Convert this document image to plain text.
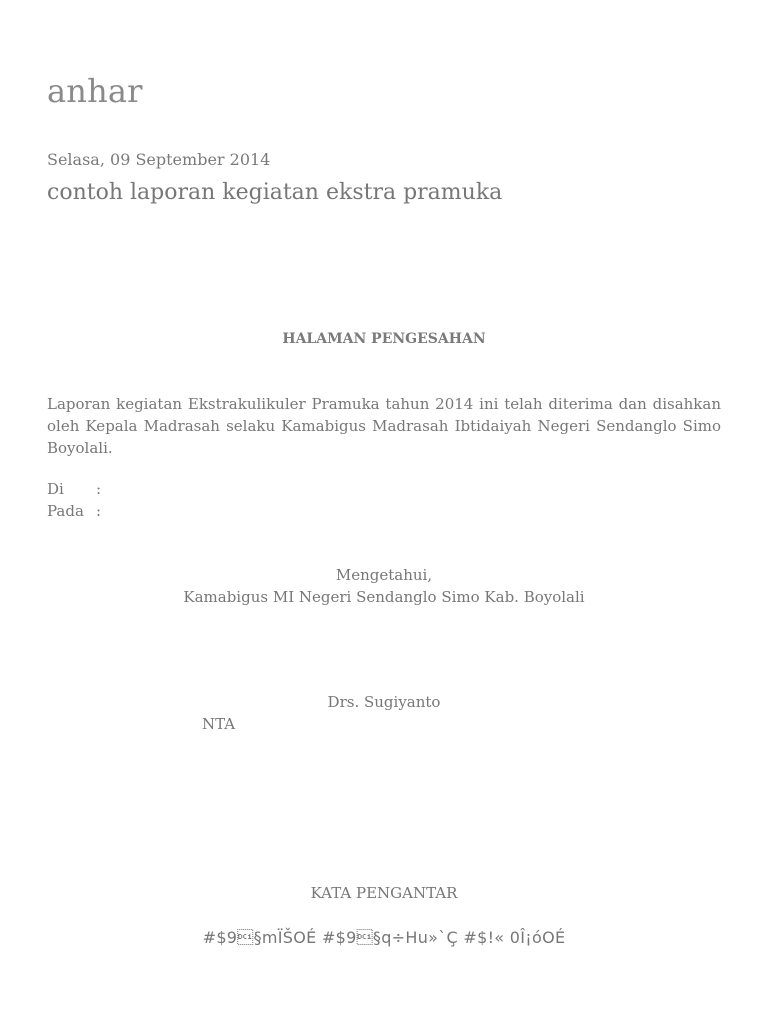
anhar
Selasa, 09 September 2014
contoh laporan kegiatan ekstra pramuka
HALAMAN PENGESAHAN

Laporan kegiatan Ekstrakulikuler Pramuka tahun 2014 ini telah diterima dan disahkan oleh Kepala Madrasah selaku Kamabigus Madrasah Ibtidaiyah Negeri Sendanglo Simo Boyolali.

Di :
Pada :
Mengetahui,
Kamabigus MI Negeri Sendanglo Simo Kab. Boyolali
Drs. Sugiyanto
NTA
KATA PENGANTAR
#$9§mÏŠOÉ #$9§q÷Hu»`Ç #$!« 0Î¡óOÉ
